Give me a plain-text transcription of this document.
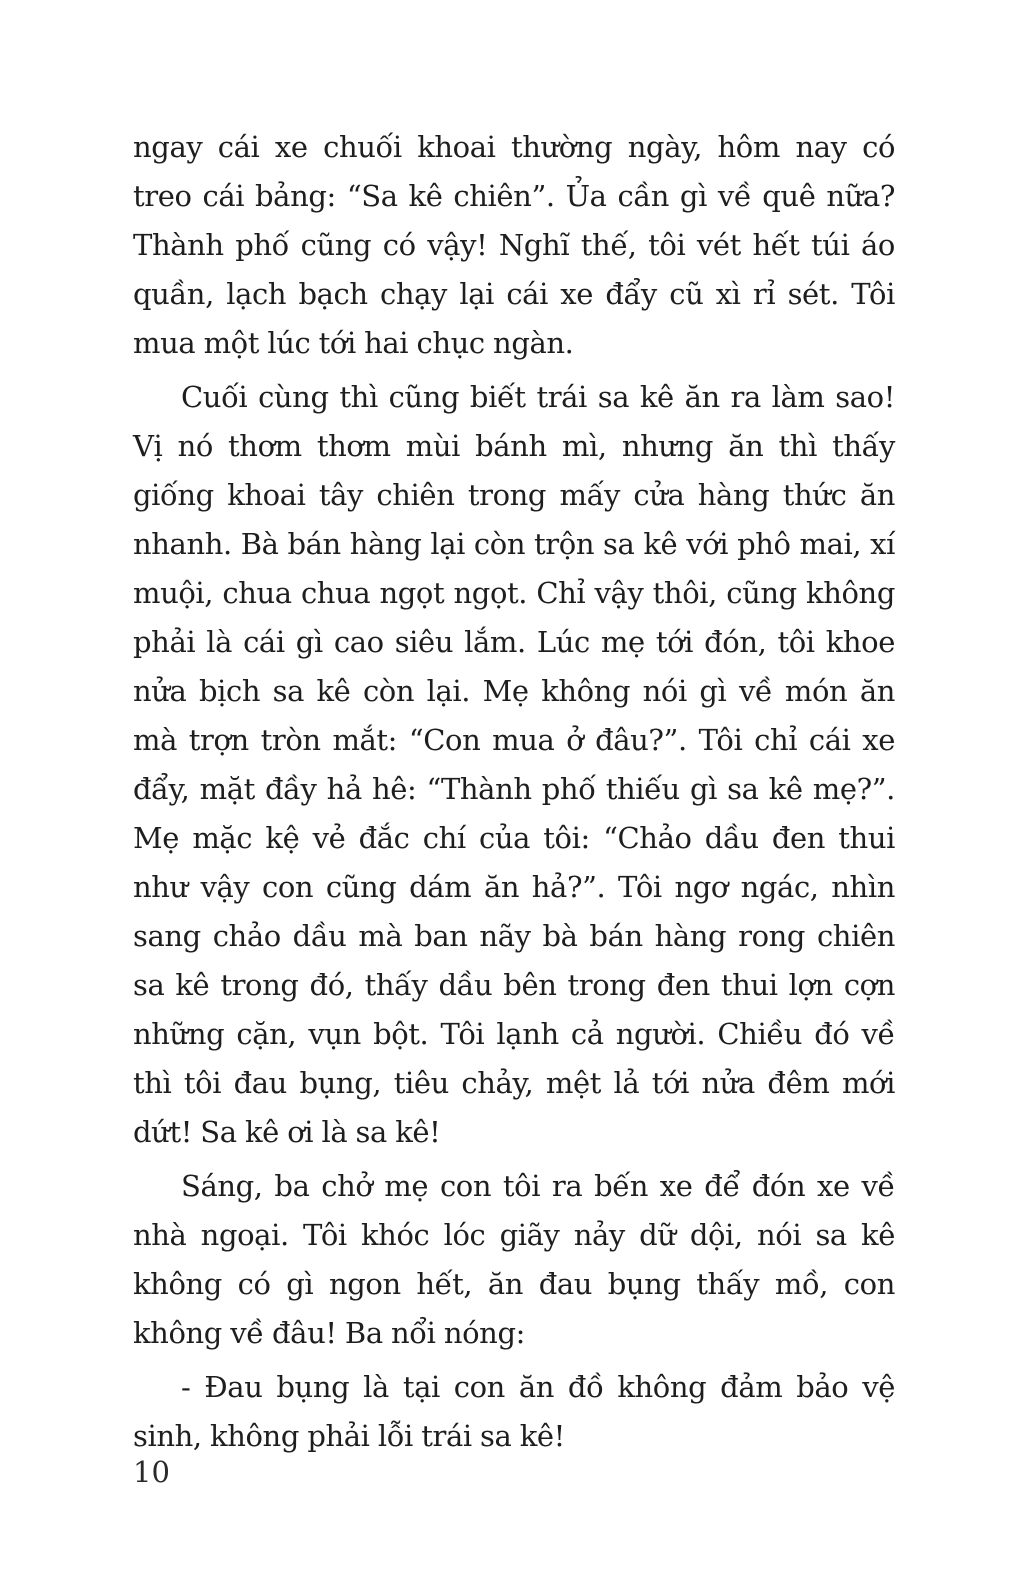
ngay cái xe chuối khoai thường ngày, hôm nay có treo cái bảng: “Sa kê chiên”. Ủa cần gì về quê nữa? Thành phố cũng có vậy! Nghĩ thế, tôi vét hết túi áo quần, lạch bạch chạy lại cái xe đẩy cũ xì rỉ sét. Tôi mua một lúc tới hai chục ngàn.

Cuối cùng thì cũng biết trái sa kê ăn ra làm sao! Vị nó thơm thơm mùi bánh mì, nhưng ăn thì thấy giống khoai tây chiên trong mấy cửa hàng thức ăn nhanh. Bà bán hàng lại còn trộn sa kê với phô mai, xí muội, chua chua ngọt ngọt. Chỉ vậy thôi, cũng không phải là cái gì cao siêu lắm. Lúc mẹ tới đón, tôi khoe nửa bịch sa kê còn lại. Mẹ không nói gì về món ăn mà trợn tròn mắt: “Con mua ở đâu?”. Tôi chỉ cái xe đẩy, mặt đầy hả hê: “Thành phố thiếu gì sa kê mẹ?”. Mẹ mặc kệ vẻ đắc chí của tôi: “Chảo dầu đen thui như vậy con cũng dám ăn hả?”. Tôi ngơ ngác, nhìn sang chảo dầu mà ban nãy bà bán hàng rong chiên sa kê trong đó, thấy dầu bên trong đen thui lợn cợn những cặn, vụn bột. Tôi lạnh cả người. Chiều đó về thì tôi đau bụng, tiêu chảy, mệt lả tới nửa đêm mới dứt! Sa kê ơi là sa kê!

Sáng, ba chở mẹ con tôi ra bến xe để đón xe về nhà ngoại. Tôi khóc lóc giãy nảy dữ dội, nói sa kê không có gì ngon hết, ăn đau bụng thấy mồ, con không về đâu! Ba nổi nóng:

- Đau bụng là tại con ăn đồ không đảm bảo vệ sinh, không phải lỗi trái sa kê!

10
